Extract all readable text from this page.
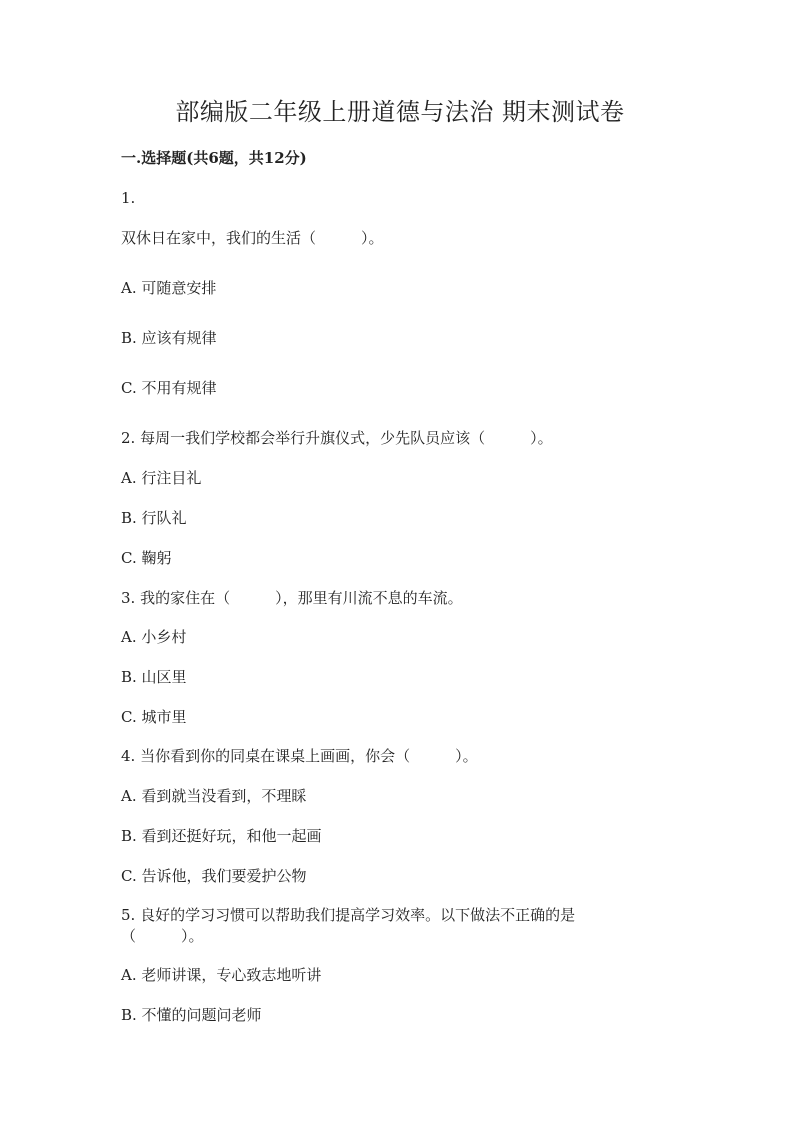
部编版二年级上册道德与法治 期末测试卷
一.选择题(共6题，共12分)
1.
双休日在家中，我们的生活（　　　）。
A. 可随意安排
B. 应该有规律
C. 不用有规律
2. 每周一我们学校都会举行升旗仪式，少先队员应该（　　　）。
A. 行注目礼
B. 行队礼
C. 鞠躬
3. 我的家住在（　　　），那里有川流不息的车流。
A. 小乡村
B. 山区里
C. 城市里
4. 当你看到你的同桌在课桌上画画，你会（　　　）。
A. 看到就当没看到，不理睬
B. 看到还挺好玩，和他一起画
C. 告诉他，我们要爱护公物
5. 良好的学习习惯可以帮助我们提高学习效率。以下做法不正确的是
（　　　）。
A. 老师讲课，专心致志地听讲
B. 不懂的问题问老师
